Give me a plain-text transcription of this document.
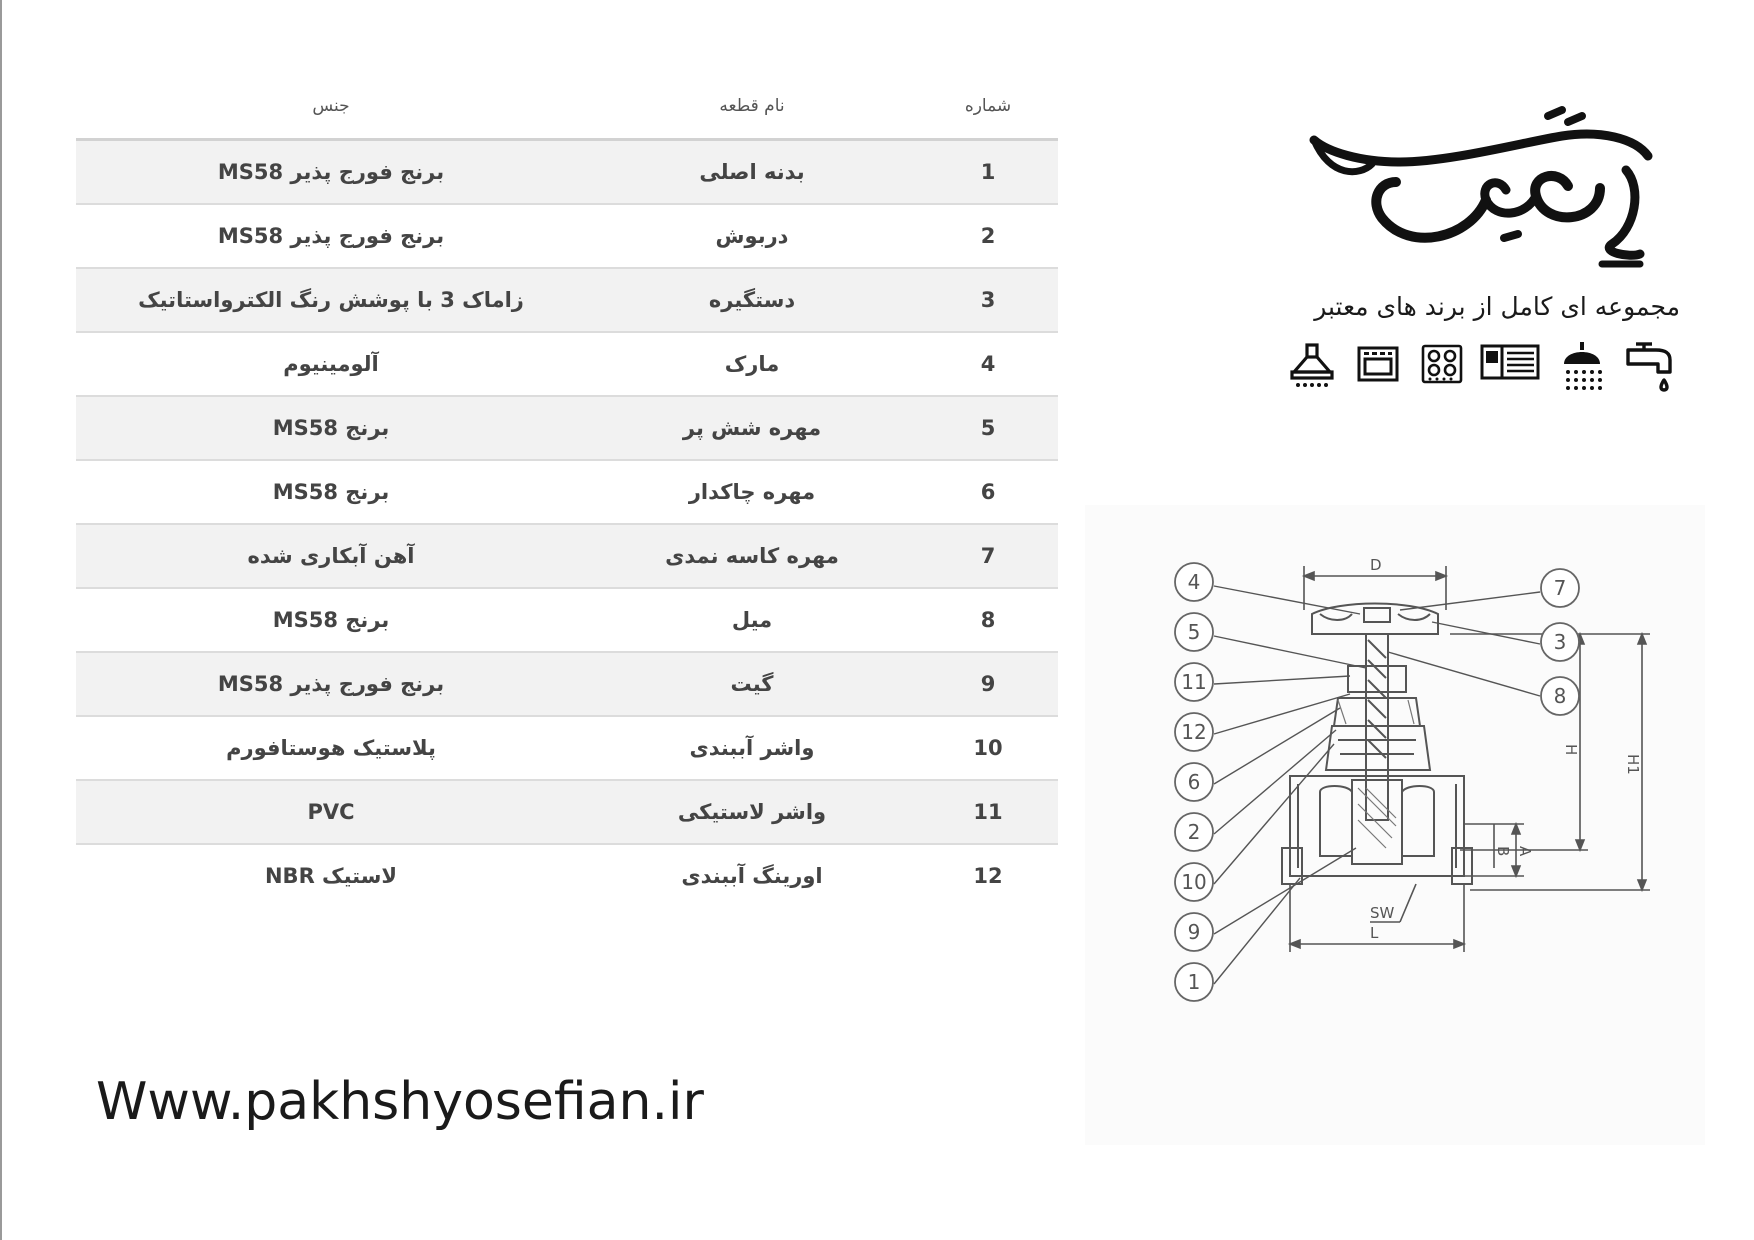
جنس	نام قطعه	شماره
برنج فورج پذیر MS58	بدنه اصلی	1
برنج فورج پذیر MS58	دربوش	2
زاماک 3 با پوشش رنگ الکترواستاتیک	دستگیره	3
آلومینیوم	مارک	4
برنج MS58	مهره شش پر	5
برنج MS58	مهره چاکدار	6
آهن آبکاری شده	مهره کاسه نمدی	7
برنج MS58	میل	8
برنج فورج پذیر MS58	گیت	9
پلاستیک هوستافورم	واشر آببندی	10
PVC	واشر لاستیکی	11
لاستیک NBR	اورینگ آببندی	12
Www.pakhshyosefian.ir
مجموعه ای کامل از برند های معتبر
4
5
11
12
6
2
10
9
1
7
3
8
D
H
H1
A
B
L
SW
